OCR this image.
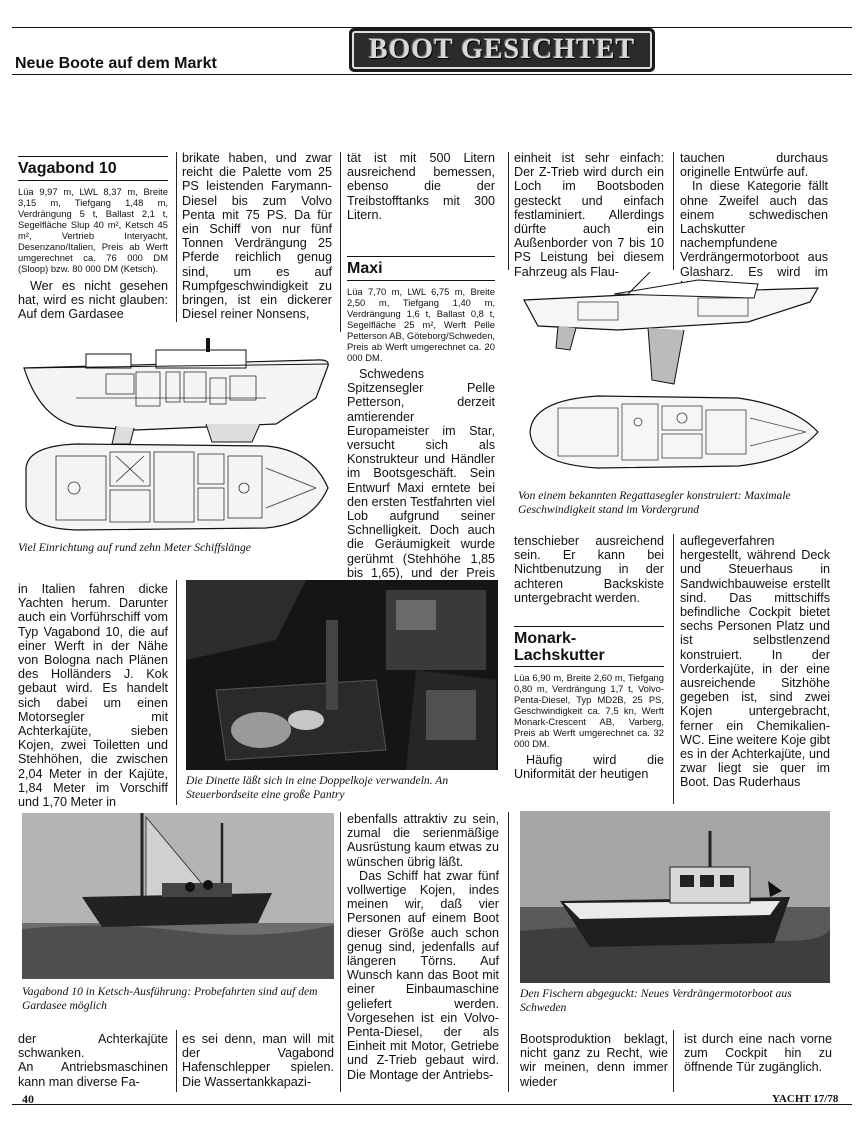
Neue Boote auf dem Markt	BOOT GESICHTET
Vagabond 10
Lüa 9,97 m, LWL 8,37 m, Breite 3,15 m, Tiefgang 1,48 m, Verdrängung 5 t, Ballast 2,1 t, Segelfläche Slup 40 m², Ketsch 45 m², Vertrieb Interyacht, Desenzano/Italien, Preis ab Werft umgerechnet ca. 76 000 DM (Sloop) bzw. 80 000 DM (Ketsch).
Wer es nicht gesehen hat, wird es nicht glauben: Auf dem Gardasee
brikate haben, und zwar reicht die Palette vom 25 PS leistenden Farymann-Diesel bis zum Volvo Penta mit 75 PS. Da für ein Schiff von nur fünf Tonnen Verdrängung 25 Pferde reichlich genug sind, um es auf Rumpfgeschwindigkeit zu bringen, ist ein dickerer Diesel reiner Nonsens,
tät ist mit 500 Litern ausreichend bemessen, ebenso die der Treibstofftanks mit 300 Litern.
Maxi
Lüa 7,70 m, LWL 6,75 m, Breite 2,50 m, Tiefgang 1,40 m, Verdrängung 1,6 t, Ballast 0,8 t, Segelfläche 25 m², Werft Pelle Petterson AB, Göteborg/Schweden, Preis ab Werft umgerechnet ca. 20 000 DM.
Schwedens Spitzensegler Pelle Petterson, derzeit amtierender Europameister im Star, versucht sich als Konstrukteur und Händler im Bootsgeschäft. Sein Entwurf Maxi erntete bei den ersten Testfahrten viel Lob aufgrund seiner Schnelligkeit. Doch auch die Geräumigkeit wurde gerühmt (Stehhöhe 1,85 bis 1,65), und der Preis
einheit ist sehr einfach: Der Z-Trieb wird durch ein Loch im Bootsboden gesteckt und einfach festlaminiert. Allerdings dürfte auch ein Außenborder von 7 bis 10 PS Leistung bei diesem Fahrzeug als Flau-
tauchen durchaus originelle Entwürfe auf.
In diese Kategorie fällt ohne Zweifel auch das einem schwedischen Lachskutter nachempfundene Verdrängermotorboot aus Glasharz. Es wird im
Viel Einrichtung auf rund zehn Meter Schiffslänge
Von einem bekannten Regattasegler konstruiert: Maximale Geschwindigkeit stand im Vordergrund
in Italien fahren dicke Yachten herum. Darunter auch ein Vorführschiff vom Typ Vagabond 10, die auf einer Werft in der Nähe von Bologna nach Plänen des Holländers J. Kok gebaut wird. Es handelt sich dabei um einen Motorsegler mit Achterkajüte, sieben Kojen, zwei Toiletten und Stehhöhen, die zwischen 2,04 Meter in der Kajüte, 1,84 Meter im Vorschiff und 1,70 Meter in
Die Dinette läßt sich in eine Doppelkoje verwandeln. An Steuerbordseite eine große Pantry
tenschieber ausreichend sein. Er kann bei Nichtbenutzung in der achteren Backskiste untergebracht werden.
Monark-
Lachskutter
Lüa 6,90 m, Breite 2,60 m, Tiefgang 0,80 m, Verdrängung 1,7 t, Volvo-Penta-Diesel, Typ MD2B, 25 PS, Geschwindigkeit ca. 7,5 kn, Werft Monark-Crescent AB, Varberg, Preis ab Werft umgerechnet ca. 32 000 DM.
Häufig wird die Uniformität der heutigen
auflegeverfahren hergestellt, während Deck und Steuerhaus in Sandwichbauweise erstellt sind. Das mittschiffs befindliche Cockpit bietet sechs Personen Platz und ist selbstlenzend konstruiert. In der Vorderkajüte, in der eine ausreichende Sitzhöhe gegeben ist, sind zwei Kojen untergebracht, ferner ein Chemikalien-WC. Eine weitere Koje gibt es in der Achterkajüte, und zwar liegt sie quer im Boot. Das Ruderhaus
Vagabond 10 in Ketsch-Ausführung: Probefahrten sind auf dem Gardasee möglich
ebenfalls attraktiv zu sein, zumal die serienmäßige Ausrüstung kaum etwas zu wünschen übrig läßt.
Das Schiff hat zwar fünf vollwertige Kojen, indes meinen wir, daß vier Personen auf einem Boot dieser Größe auch schon genug sind, jedenfalls auf längeren Törns. Auf Wunsch kann das Boot mit einer Einbaumaschine geliefert werden. Vorgesehen ist ein Volvo-Penta-Diesel, der als Einheit mit Motor, Getriebe und Z-Trieb gebaut wird. Die Montage der Antriebs-
Den Fischern abgeguckt: Neues Verdrängermotorboot aus Schweden
der Achterkajüte schwanken.
An Antriebsmaschinen kann man diverse Fa-
es sei denn, man will mit der Vagabond Hafenschlepper spielen. Die Wassertankkapazi-
Bootsproduktion beklagt, nicht ganz zu Recht, wie wir meinen, denn immer wieder
ist durch eine nach vorne zum Cockpit hin zu öffnende Tür zugänglich.
40	YACHT 17/78
